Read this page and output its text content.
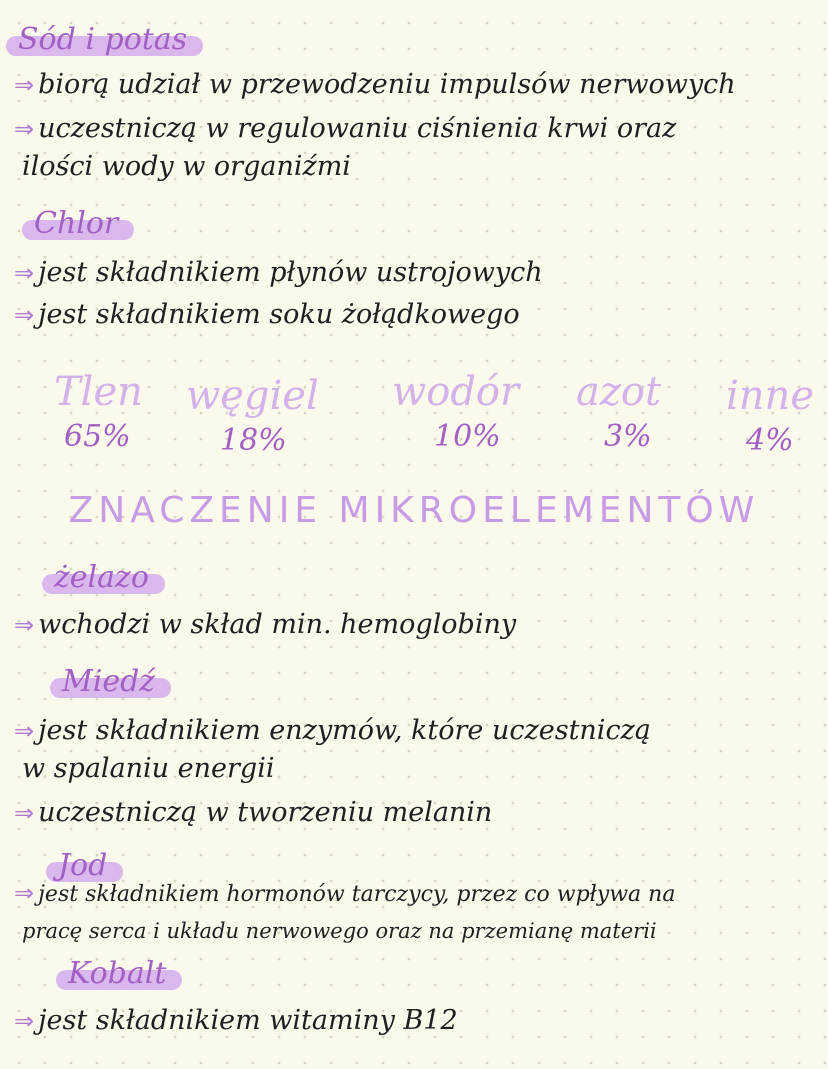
Sód i potas
⇒ biorą udział w przewodzeniu impulsów nerwowych
⇒ uczestniczą w regulowaniu ciśnienia krwi oraz
ilości wody w organiźmi
Chlor
⇒ jest składnikiem płynów ustrojowych
⇒ jest składnikiem soku żołądkowego
Tlen
65%
węgiel
18%
wodór
10%
azot
3%
inne
4%
ZNACZENIE MIKROELEMENTÓW
żelazo
⇒ wchodzi w skład min. hemoglobiny
Miedź
⇒ jest składnikiem enzymów, które uczestniczą
w spalaniu energii
⇒ uczestniczą w tworzeniu melanin
Jod
⇒ jest składnikiem hormonów tarczycy, przez co wpływa na
pracę serca i układu nerwowego oraz na przemianę materii
Kobalt
⇒ jest składnikiem witaminy B12
